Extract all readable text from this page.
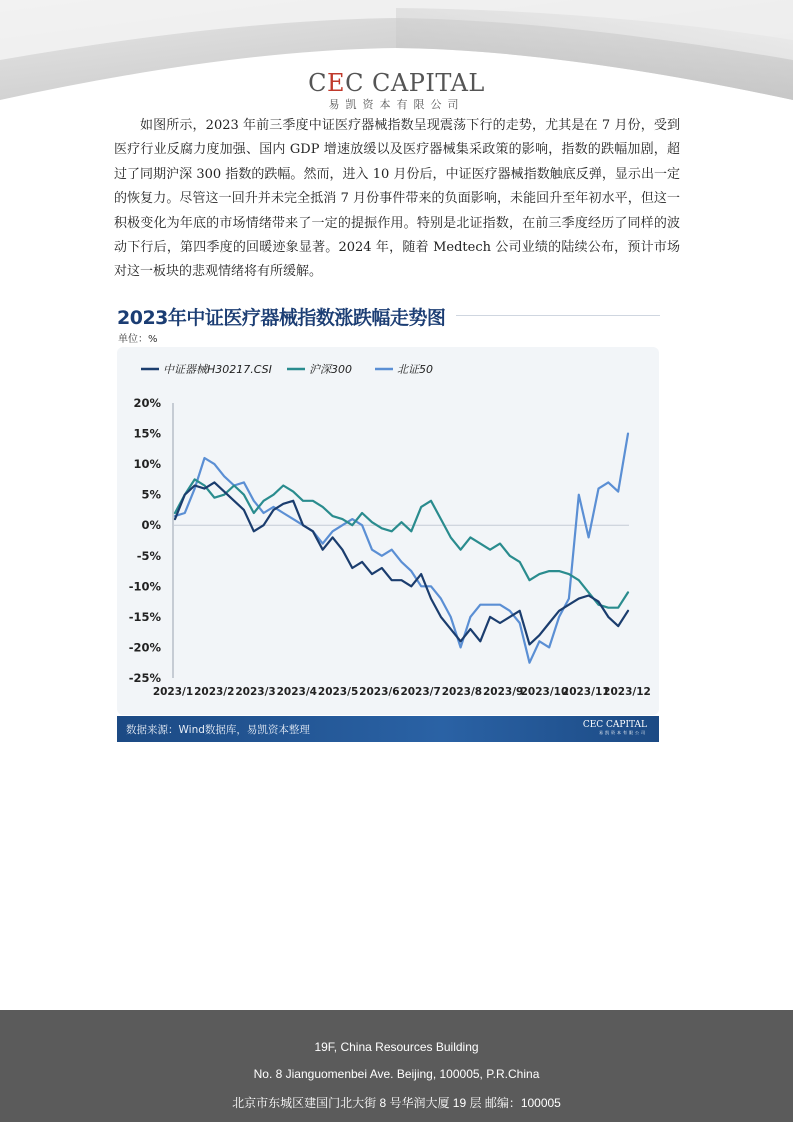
CEC CAPITAL
易凯资本有限公司
如图所示，2023 年前三季度中证医疗器械指数呈现震荡下行的走势，尤其是在 7 月份，受到医疗行业反腐力度加强、国内 GDP 增速放缓以及医疗器械集采政策的影响，指数的跌幅加剧，超过了同期沪深 300 指数的跌幅。然而，进入 10 月份后，中证医疗器械指数触底反弹，显示出一定的恢复力。尽管这一回升并未完全抵消 7 月份事件带来的负面影响，未能回升至年初水平，但这一积极变化为年底的市场情绪带来了一定的提振作用。特别是北证指数，在前三季度经历了同样的波动下行后，第四季度的回暖迹象显著。2024 年，随着 Medtech 公司业绩的陆续公布，预计市场对这一板块的悲观情绪将有所缓解。
2023年中证医疗器械指数涨跌幅走势图
单位：%
20%
15%
10%
5%
0%
-5%
-10%
-15%
-20%
-25%
2023/1 2023/2 2023/3 2023/4 2023/5 2023/6 2023/7 2023/8 2023/9
2023/10
2023/11
2023/12
中证器械H30217.CSI	沪深300	北证50
数据来源：Wind数据库，易凯资本整理	CEC CAPITAL
易凯资本有限公司
19F, China Resources Building
No. 8 Jianguomenbei Ave. Beijing, 100005, P.R.China
北京市东城区建国门北大街 8 号华润大厦 19 层 邮编：100005
